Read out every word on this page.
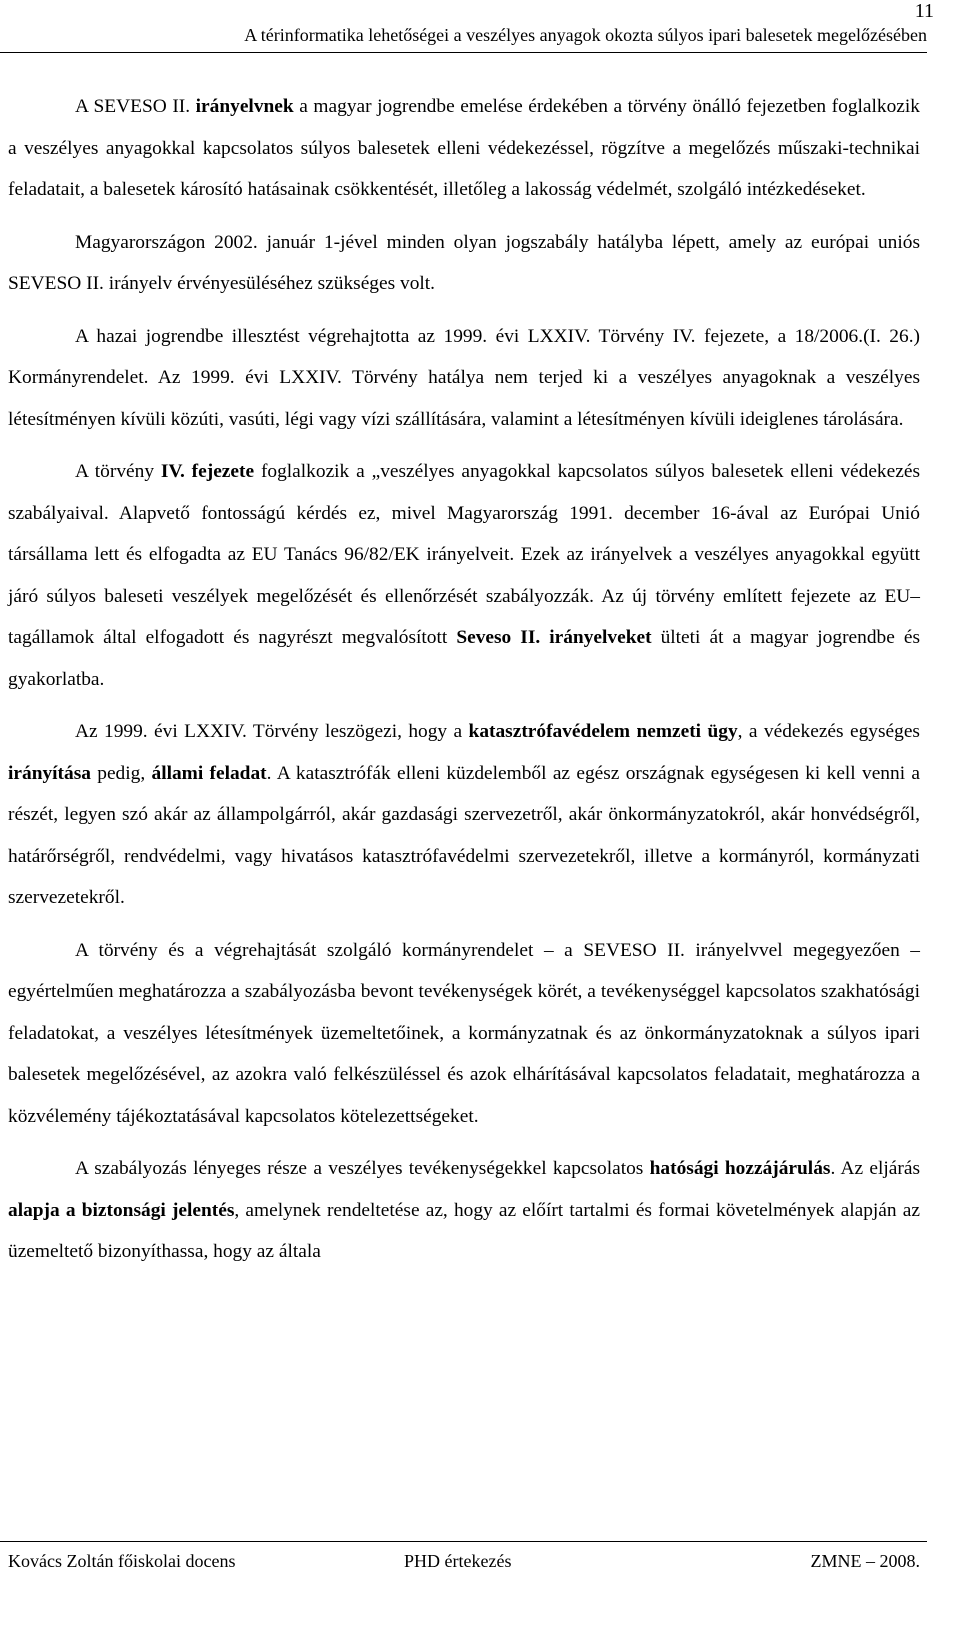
11
A térinformatika lehetőségei a veszélyes anyagok okozta súlyos ipari balesetek megelőzésében

A SEVESO II. irányelvnek a magyar jogrendbe emelése érdekében a törvény önálló fejezetben foglalkozik a veszélyes anyagokkal kapcsolatos súlyos balesetek elleni védekezéssel, rögzítve a megelőzés műszaki-technikai feladatait, a balesetek károsító hatásainak csökkentését, illetőleg a lakosság védelmét, szolgáló intézkedéseket.

Magyarországon 2002. január 1-jével minden olyan jogszabály hatályba lépett, amely az európai uniós SEVESO II. irányelv érvényesüléséhez szükséges volt.

A hazai jogrendbe illesztést végrehajtotta az 1999. évi LXXIV. Törvény IV. fejezete, a 18/2006.(I. 26.) Kormányrendelet. Az 1999. évi LXXIV. Törvény hatálya nem terjed ki a veszélyes anyagoknak a veszélyes létesítményen kívüli közúti, vasúti, légi vagy vízi szállítására, valamint a létesítményen kívüli ideiglenes tárolására.

A törvény IV. fejezete foglalkozik a „veszélyes anyagokkal kapcsolatos súlyos balesetek elleni védekezés szabályaival. Alapvető fontosságú kérdés ez, mivel Magyarország 1991. december 16-ával az Európai Unió társállama lett és elfogadta az EU Tanács 96/82/EK irányelveit. Ezek az irányelvek a veszélyes anyagokkal együtt járó súlyos baleseti veszélyek megelőzését és ellenőrzését szabályozzák. Az új törvény említett fejezete az EU–tagállamok által elfogadott és nagyrészt megvalósított Seveso II. irányelveket ülteti át a magyar jogrendbe és gyakorlatba.

Az 1999. évi LXXIV. Törvény leszögezi, hogy a katasztrófavédelem nemzeti ügy, a védekezés egységes irányítása pedig, állami feladat. A katasztrófák elleni küzdelemből az egész országnak egységesen ki kell venni a részét, legyen szó akár az állampolgárról, akár gazdasági szervezetről, akár önkormányzatokról, akár honvédségről, határőrségről, rendvédelmi, vagy hivatásos katasztrófavédelmi szervezetekről, illetve a kormányról, kormányzati szervezetekről.

A törvény és a végrehajtását szolgáló kormányrendelet – a SEVESO II. irányelvvel megegyezően – egyértelműen meghatározza a szabályozásba bevont tevékenységek körét, a tevékenységgel kapcsolatos szakhatósági feladatokat, a veszélyes létesítmények üzemeltetőinek, a kormányzatnak és az önkormányzatoknak a súlyos ipari balesetek megelőzésével, az azokra való felkészüléssel és azok elhárításával kapcsolatos feladatait, meghatározza a közvélemény tájékoztatásával kapcsolatos kötelezettségeket.

A szabályozás lényeges része a veszélyes tevékenységekkel kapcsolatos hatósági hozzájárulás. Az eljárás alapja a biztonsági jelentés, amelynek rendeltetése az, hogy az előírt tartalmi és formai követelmények alapján az üzemeltető bizonyíthassa, hogy az általa

Kovács Zoltán főiskolai docens	PHD értekezés	ZMNE – 2008.
